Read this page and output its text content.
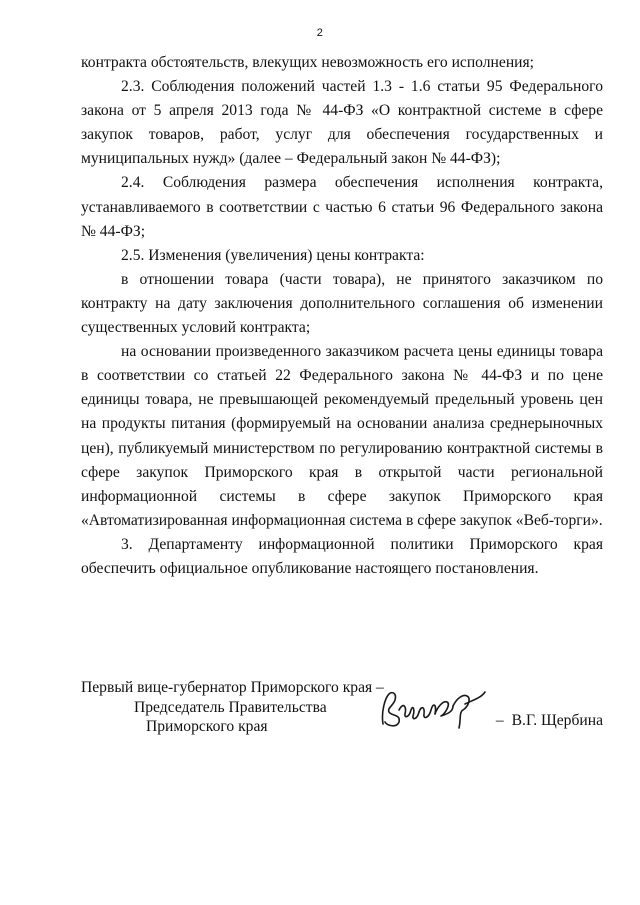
2

контракта обстоятельств, влекущих невозможность его исполнения;

2.3. Соблюдения положений частей 1.3 - 1.6 статьи 95 Федерального закона от 5 апреля 2013 года № 44-ФЗ «О контрактной системе в сфере закупок товаров, работ, услуг для обеспечения государственных и муниципальных нужд» (далее – Федеральный закон № 44-ФЗ);

2.4. Соблюдения размера обеспечения исполнения контракта, устанавливаемого в соответствии с частью 6 статьи 96 Федерального закона № 44-ФЗ;

2.5. Изменения (увеличения) цены контракта:

в отношении товара (части товара), не принятого заказчиком по контракту на дату заключения дополнительного соглашения об изменении существенных условий контракта;

на основании произведенного заказчиком расчета цены единицы товара в соответствии со статьей 22 Федерального закона № 44-ФЗ и по цене единицы товара, не превышающей рекомендуемый предельный уровень цен на продукты питания (формируемый на основании анализа среднерыночных цен), публикуемый министерством по регулированию контрактной системы в сфере закупок Приморского края в открытой части региональной информационной системы в сфере закупок Приморского края «Автоматизированная информационная система в сфере закупок «Веб-торги».

3. Департаменту информационной политики Приморского края обеспечить официальное опубликование настоящего постановления.

Первый вице-губернатор Приморского края –
Председатель Правительства
Приморского края	– В.Г. Щербина
